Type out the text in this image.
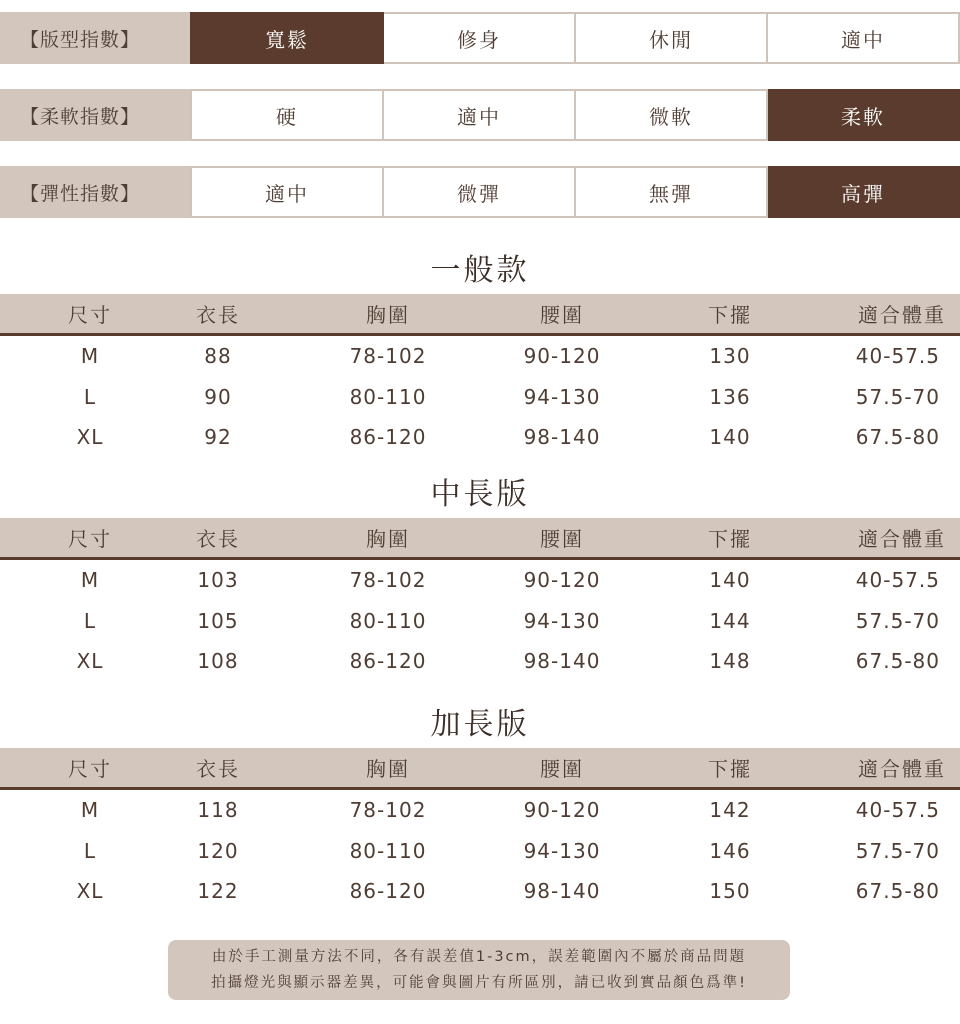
【版型指數】	寬鬆	修身	休閒	適中
【柔軟指數】	硬	適中	微軟	柔軟
【彈性指數】	適中	微彈	無彈	高彈
一般款
尺寸	衣長	胸圍	腰圍	下擺	適合體重
M	88	78-102	90-120	130	40-57.5
L	90	80-110	94-130	136	57.5-70
XL	92	86-120	98-140	140	67.5-80
中長版
尺寸	衣長	胸圍	腰圍	下擺	適合體重
M	103	78-102	90-120	140	40-57.5
L	105	80-110	94-130	144	57.5-70
XL	108	86-120	98-140	148	67.5-80
加長版
尺寸	衣長	胸圍	腰圍	下擺	適合體重
M	118	78-102	90-120	142	40-57.5
L	120	80-110	94-130	146	57.5-70
XL	122	86-120	98-140	150	67.5-80
由於手工測量方法不同，各有誤差值1-3cm，誤差範圍內不屬於商品問題
拍攝燈光與顯示器差異，可能會與圖片有所區別，請已收到實品顏色爲準!
